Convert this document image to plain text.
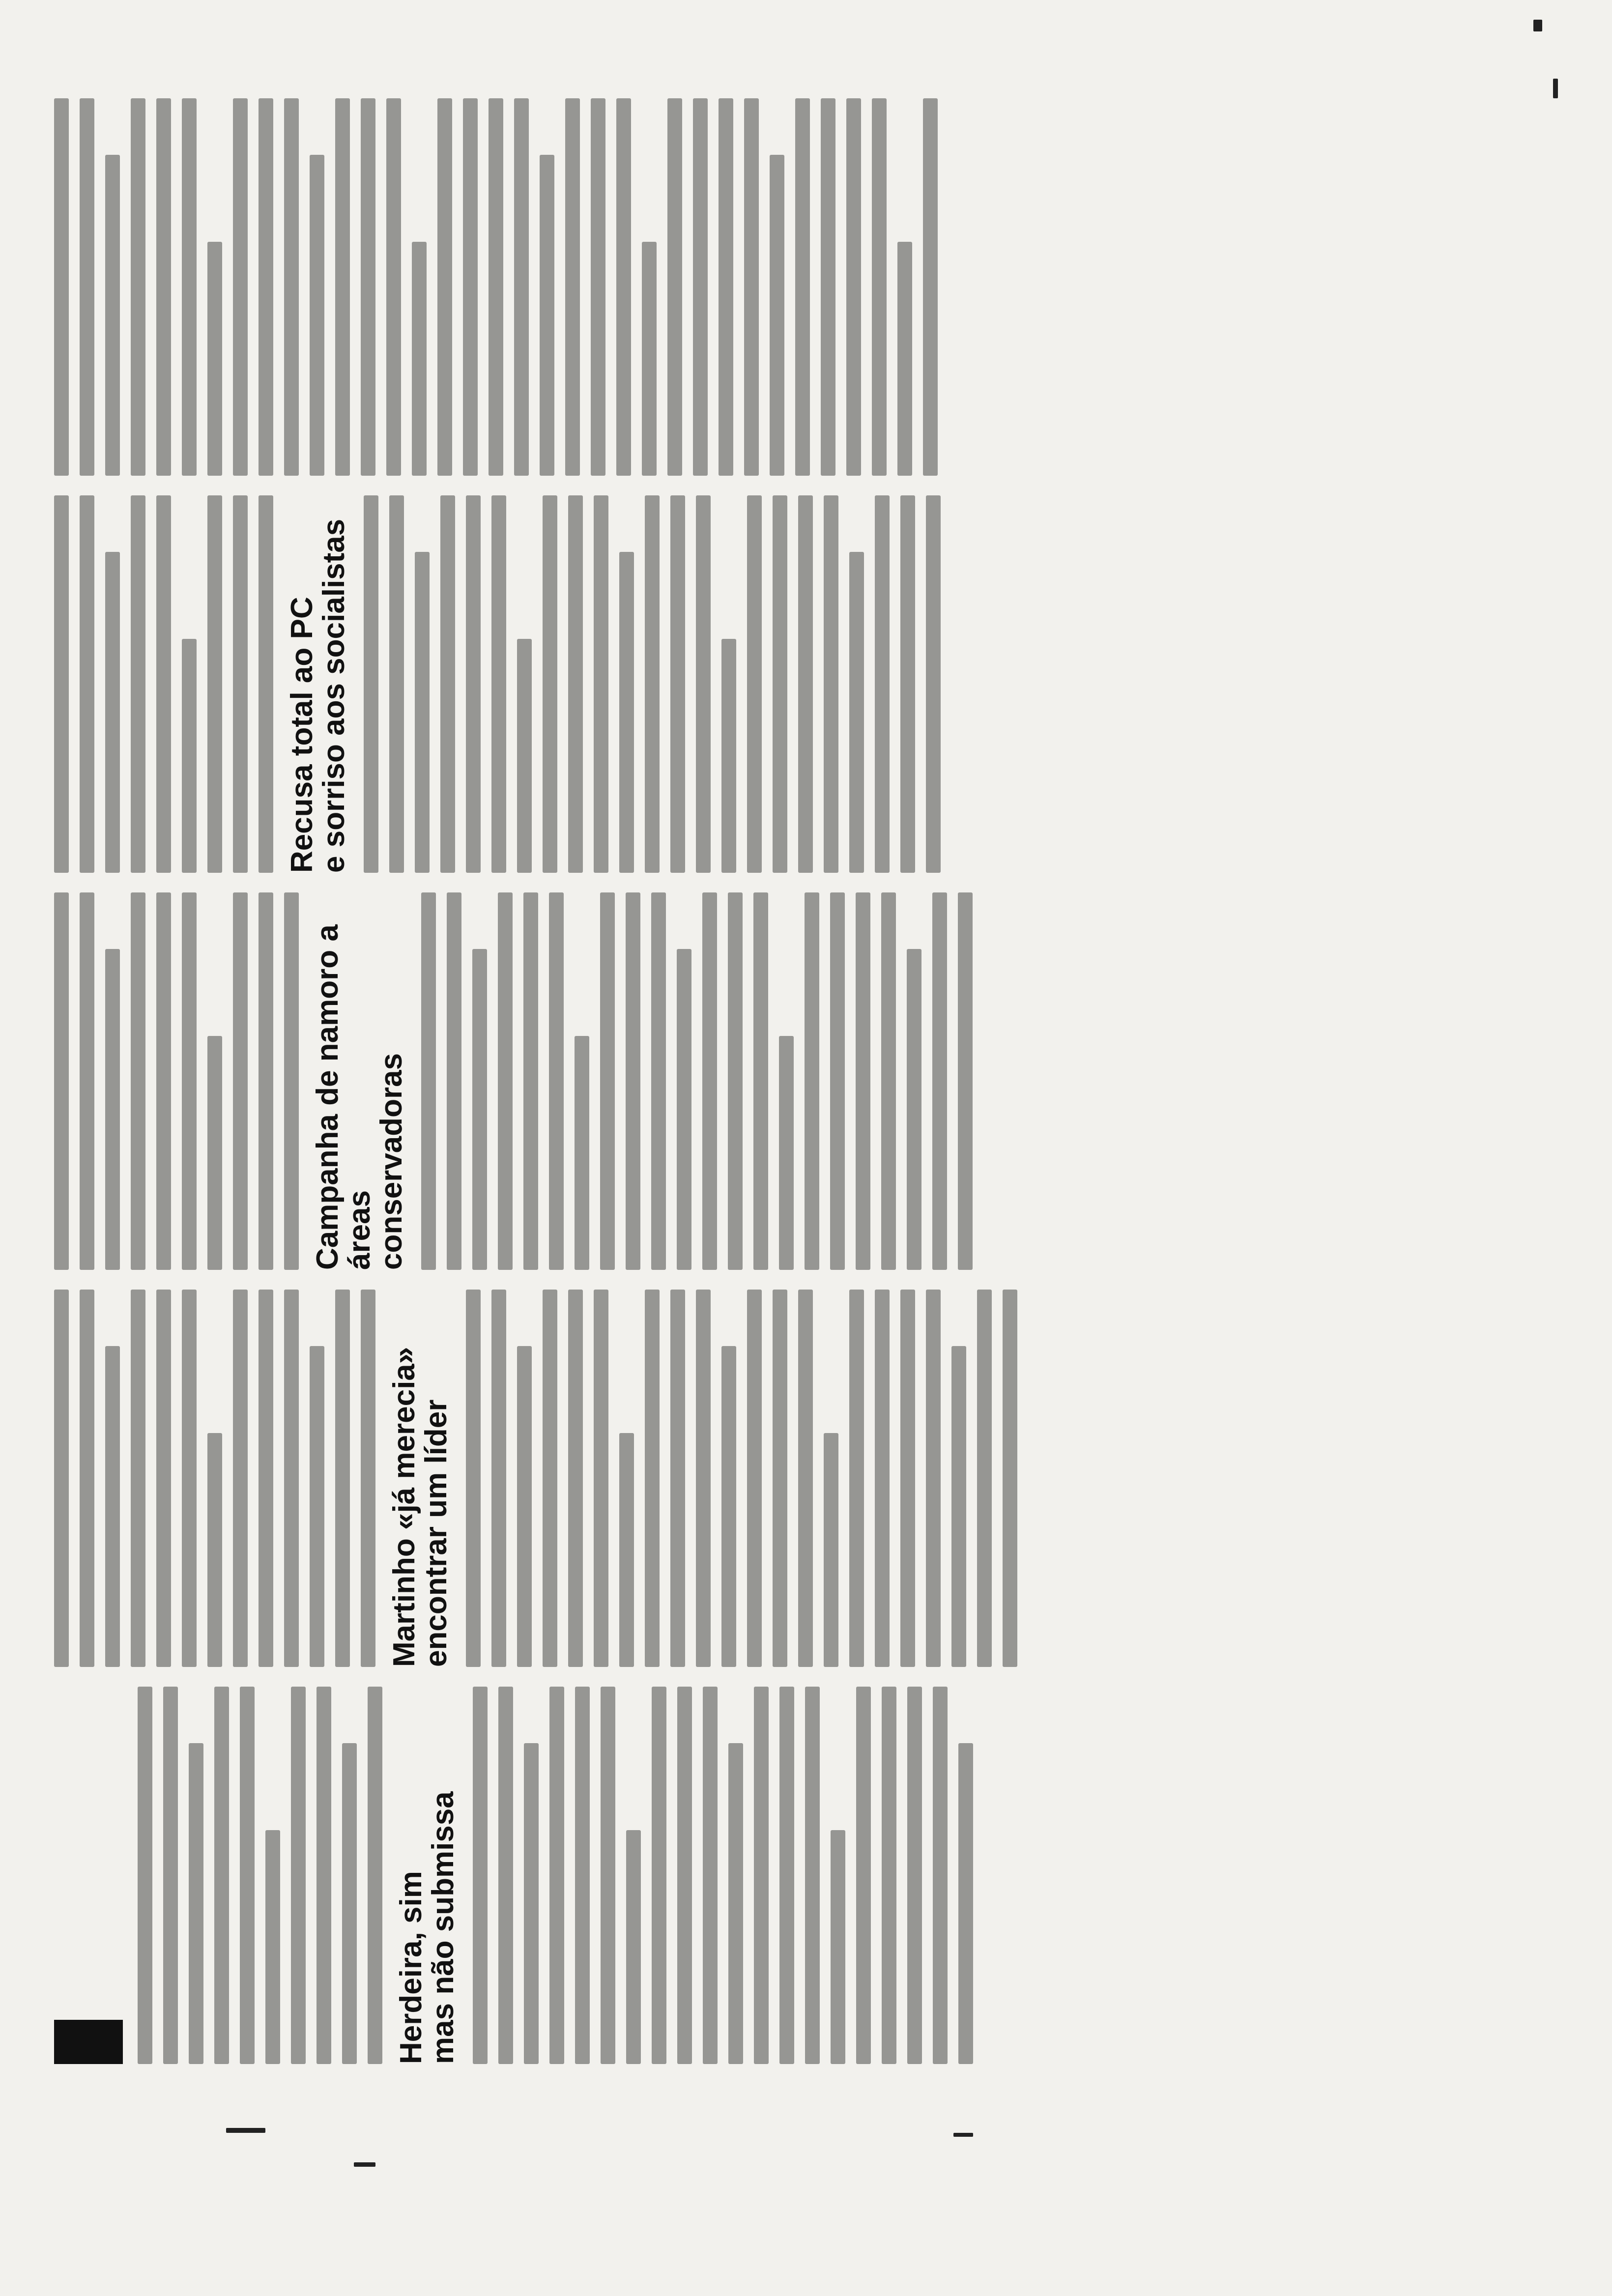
Herdeira, sim
mas não submissa
Martinho «já merecia»
encontrar um líder
Campanha de namoro a áreas
conservadoras
Recusa total ao PC
e sorriso aos socialistas
